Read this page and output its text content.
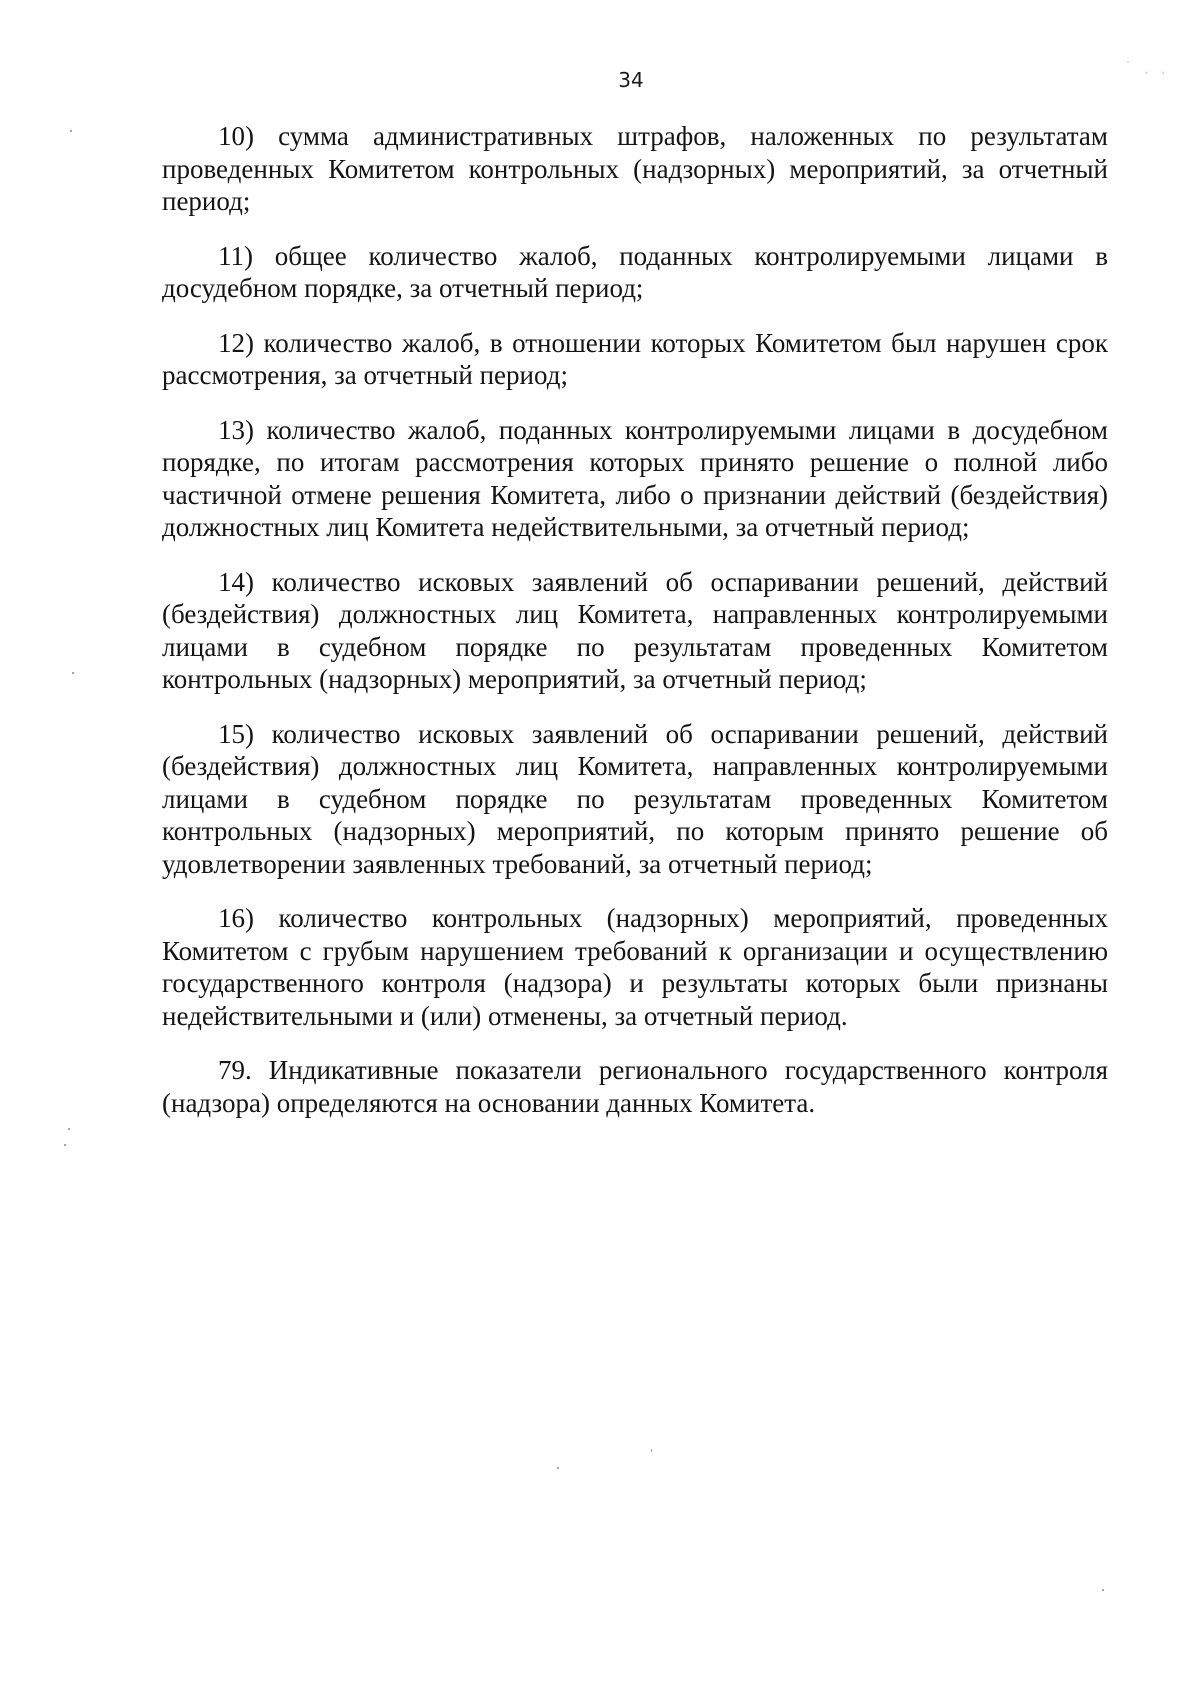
34
˙ ˏ ˎ

10) сумма административных штрафов, наложенных по результатам проведенных Комитетом контрольных (надзорных) мероприятий, за отчетный период;

11) общее количество жалоб, поданных контролируемыми лицами в досудебном порядке, за отчетный период;

12) количество жалоб, в отношении которых Комитетом был нарушен срок рассмотрения, за отчетный период;

13) количество жалоб, поданных контролируемыми лицами в досудебном порядке, по итогам рассмотрения которых принято решение о полной либо частичной отмене решения Комитета, либо о признании действий (бездействия) должностных лиц Комитета недействительными, за отчетный период;

14) количество исковых заявлений об оспаривании решений, действий (бездействия) должностных лиц Комитета, направленных контролируемыми лицами в судебном порядке по результатам проведенных Комитетом контрольных (надзорных) мероприятий, за отчетный период;

15) количество исковых заявлений об оспаривании решений, действий (бездействия) должностных лиц Комитета, направленных контролируемыми лицами в судебном порядке по результатам проведенных Комитетом контрольных (надзорных) мероприятий, по которым принято решение об удовлетворении заявленных требований, за отчетный период;

16) количество контрольных (надзорных) мероприятий, проведенных Комитетом с грубым нарушением требований к организации и осуществлению государственного контроля (надзора) и результаты которых были признаны недействительными и (или) отменены, за отчетный период.

79. Индикативные показатели регионального государственного контроля (надзора) определяются на основании данных Комитета.
